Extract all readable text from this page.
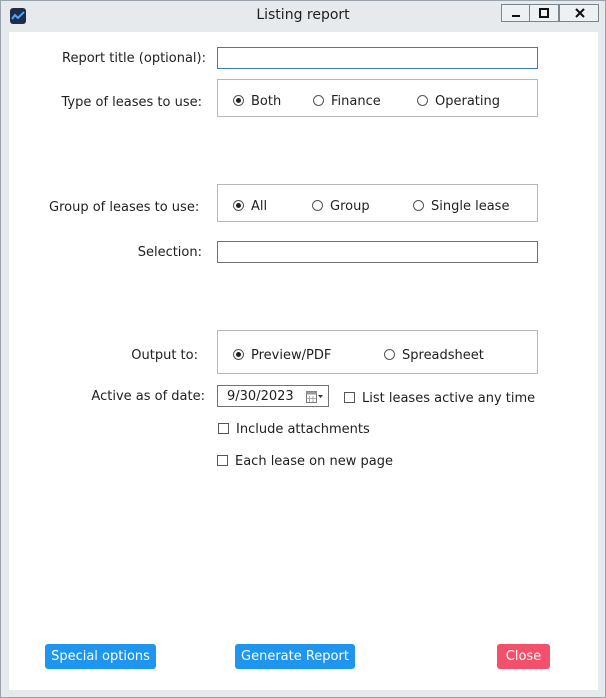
Listing report
Report title (optional):
Type of leases to use:	Both	Finance	Operating
Group of leases to use:	All	Group	Single lease
Selection:
Output to:	Preview/PDF	Spreadsheet
Active as of date: 9/30/2023	List leases active any time
Include attachments
Each lease on new page
Special options	Generate Report	Close
